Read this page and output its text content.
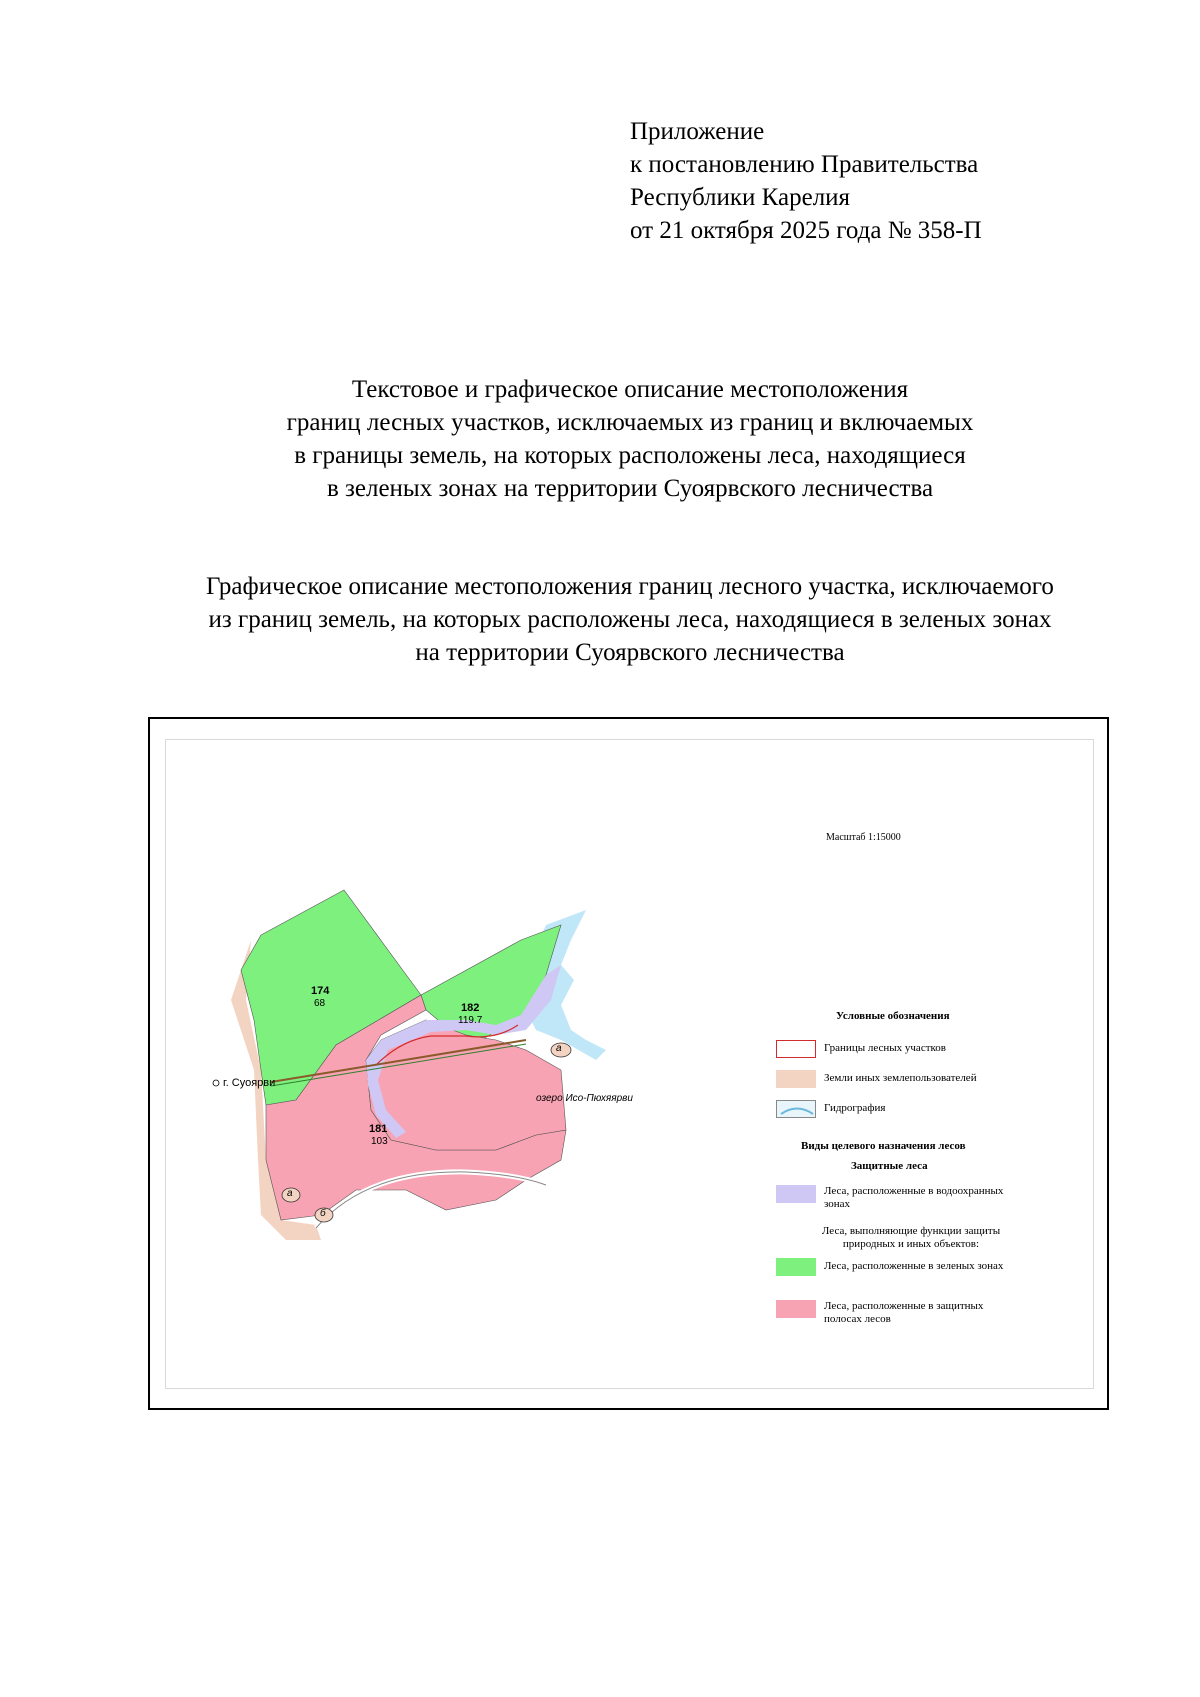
Приложение
к постановлению Правительства
Республики Карелия
от 21 октября 2025 года № 358-П
Текстовое и графическое описание местоположения
границ лесных участков, исключаемых из границ и включаемых
в границы земель, на которых расположены леса, находящиеся
в зеленых зонах на территории Суоярвского лесничества
Графическое описание местоположения границ лесного участка, исключаемого
из границ земель, на которых расположены леса, находящиеся в зеленых зонах
на территории Суоярвского лесничества
Масштаб 1:15000
г. Суоярви
озеро Исо-Пюхяярви
174
68	182
119.7
181
103
а
а
б
Условные обозначения
Границы лесных участков
Земли иных землепользователей
Гидрография
Виды целевого назначения лесов
Защитные леса
Леса, расположенные в водоохранных
зонах
Леса, выполняющие функции защиты
природных и иных объектов:
Леса, расположенные в зеленых зонах
Леса, расположенные в защитных
полосах лесов
